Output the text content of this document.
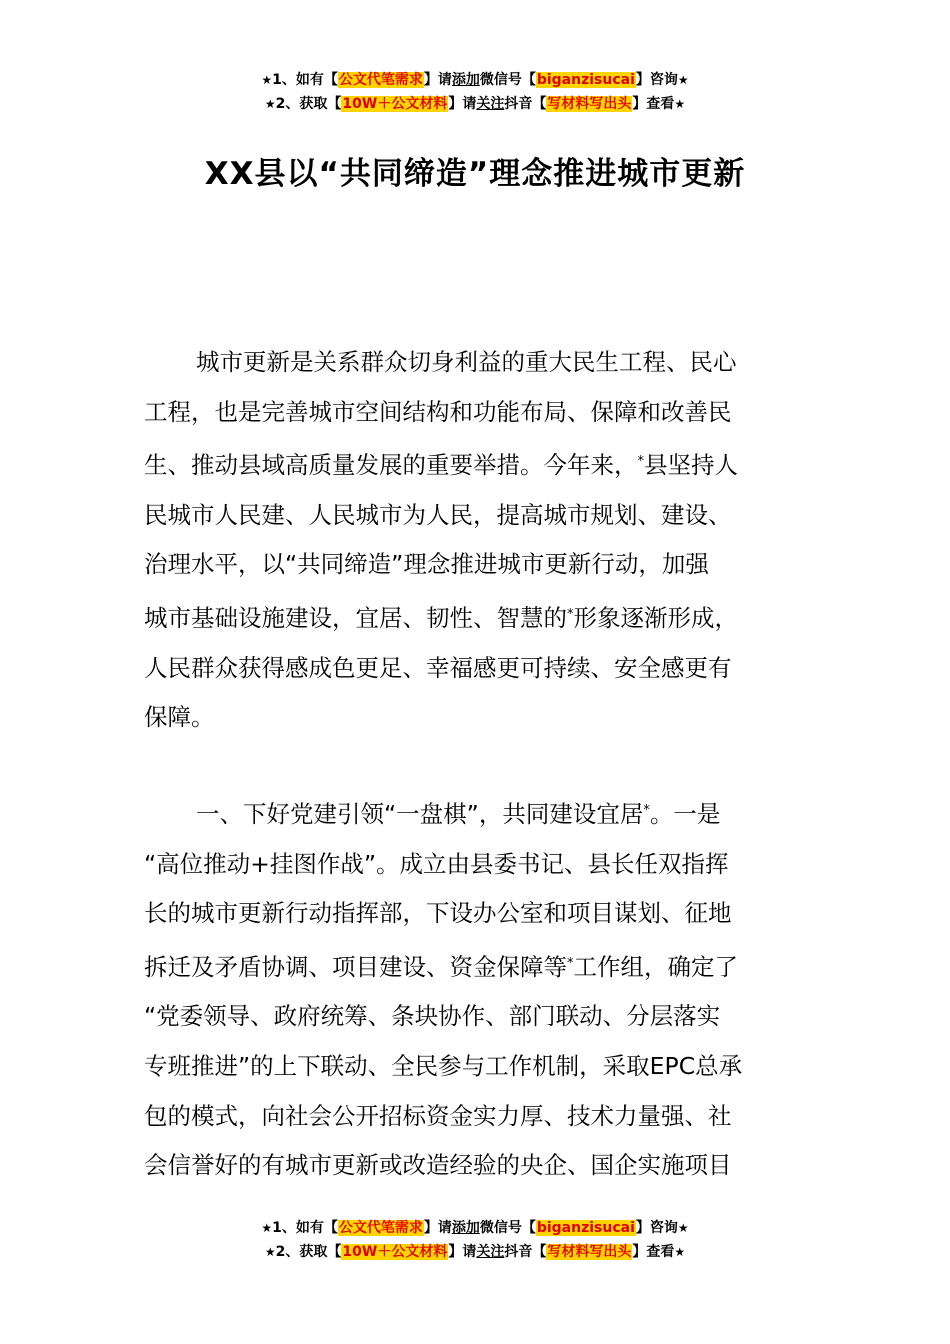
★1、如有【公文代笔需求】请添加微信号【biganzisucai】咨询★
★2、获取【10W＋公文材料】请关注抖音【写材料写出头】查看★
XX县以“共同缔造”理念推进城市更新
城市更新是关系群众切身利益的重大民生工程、民心
工程，也是完善城市空间结构和功能布局、保障和改善民
生、推动县域高质量发展的重要举措。今年来，*县坚持人
民城市人民建、人民城市为人民，提高城市规划、建设、
治理水平，以“共同缔造”理念推进城市更新行动，加强
城市基础设施建设，宜居、韧性、智慧的*形象逐渐形成，
人民群众获得感成色更足、幸福感更可持续、安全感更有
保障。
一、下好党建引领“一盘棋”，共同建设宜居*。一是
“高位推动+挂图作战”。成立由县委书记、县长任双指挥
长的城市更新行动指挥部，下设办公室和项目谋划、征地
拆迁及矛盾协调、项目建设、资金保障等*工作组，确定了
“党委领导、政府统筹、条块协作、部门联动、分层落实
专班推进”的上下联动、全民参与工作机制，采取EPC总承
包的模式，向社会公开招标资金实力厚、技术力量强、社
会信誉好的有城市更新或改造经验的央企、国企实施项目
★1、如有【公文代笔需求】请添加微信号【biganzisucai】咨询★
★2、获取【10W＋公文材料】请关注抖音【写材料写出头】查看★
